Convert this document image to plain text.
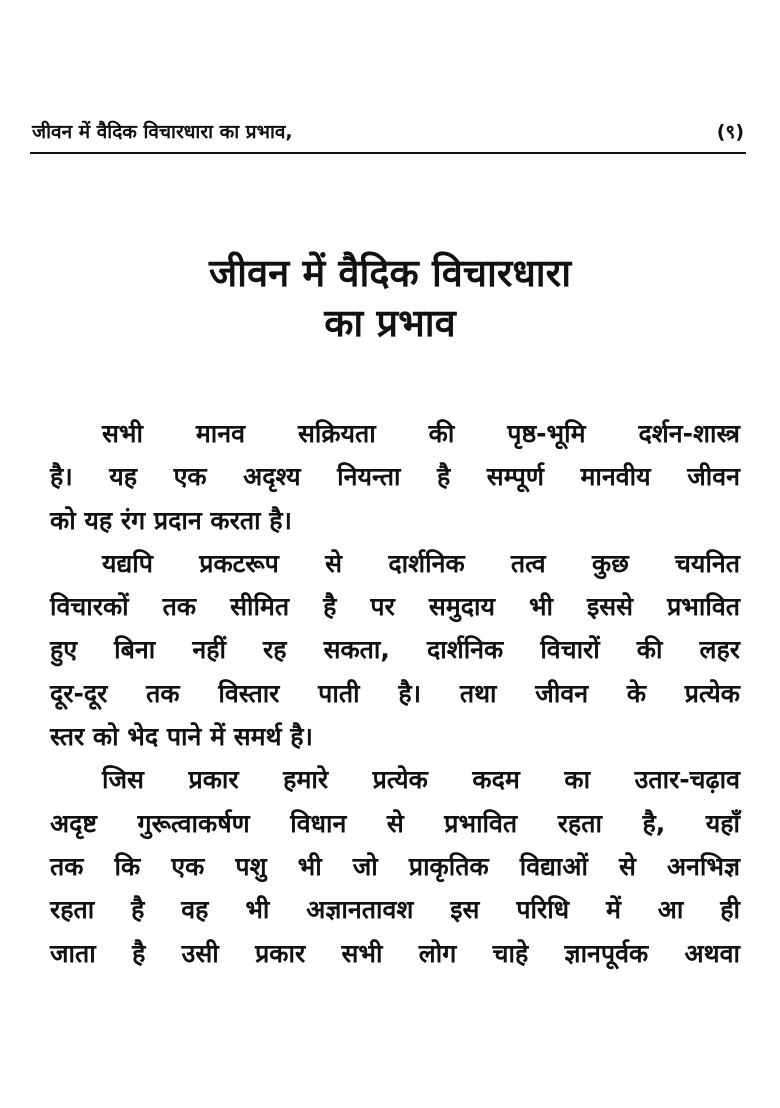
जीवन में वैदिक विचारधारा का प्रभाव,	(९)
जीवन में वैदिक विचारधारा
का प्रभाव
सभी मानव सक्रियता की पृष्ठ-भूमि दर्शन-शास्त्र
है। यह एक अदृश्य नियन्ता है सम्पूर्ण मानवीय जीवन
को यह रंग प्रदान करता है।
यद्यपि प्रकटरूप से दार्शनिक तत्व कुछ चयनित
विचारकों तक सीमित है पर समुदाय भी इससे प्रभावित
हुए बिना नहीं रह सकता, दार्शनिक विचारों की लहर
दूर-दूर तक विस्तार पाती है। तथा जीवन के प्रत्येक
स्तर को भेद पाने में समर्थ है।
जिस प्रकार हमारे प्रत्येक कदम का उतार-चढ़ाव
अदृष्ट गुरूत्वाकर्षण विधान से प्रभावित रहता है, यहाँ
तक कि एक पशु भी जो प्राकृतिक विद्याओं से अनभिज्ञ
रहता है वह भी अज्ञानतावश इस परिधि में आ ही
जाता है उसी प्रकार सभी लोग चाहे ज्ञानपूर्वक अथवा
